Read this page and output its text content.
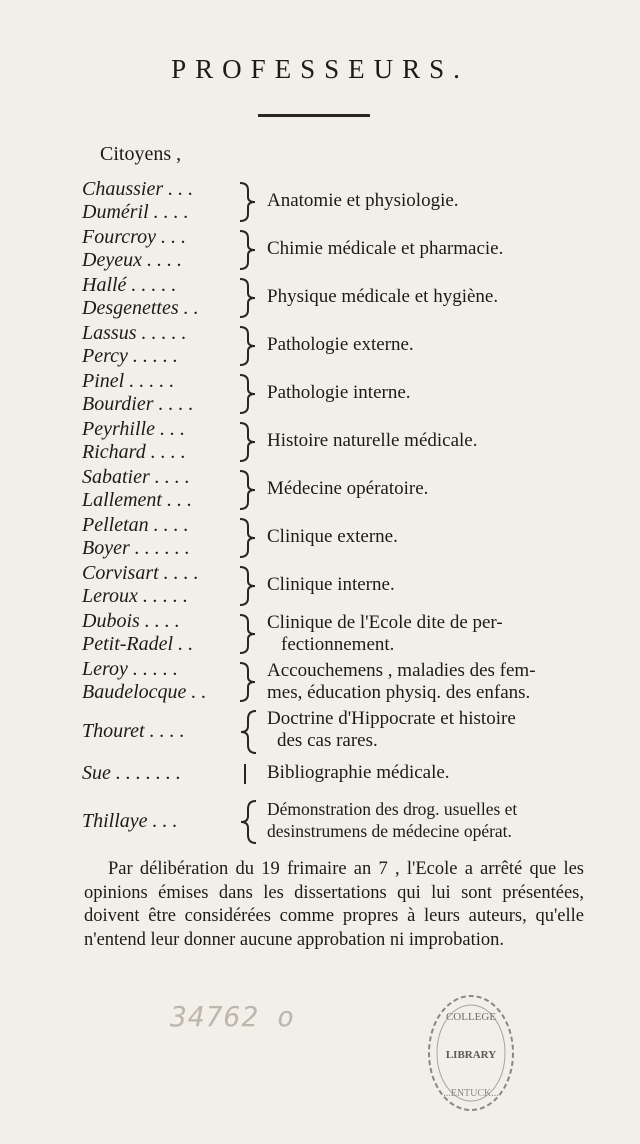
PROFESSEURS.
Citoyens ,
Chaussier . . .
Duméril . . . .
Anatomie et physiologie.
Fourcroy . . .
Deyeux . . . .
Chimie médicale et pharmacie.
Hallé . . . . .
Desgenettes . .
Physique médicale et hygiène.
Lassus . . . . .
Percy . . . . .
Pathologie externe.
Pinel . . . . .
Bourdier . . . .
Pathologie interne.
Peyrhille . . .
Richard . . . .
Histoire naturelle médicale.
Sabatier . . . .
Lallement . . .
Médecine opératoire.
Pelletan . . . .
Boyer . . . . . .
Clinique externe.
Corvisart . . . .
Leroux . . . . .
Clinique interne.
Dubois . . . .
Petit-Radel . .
Clinique de l'Ecole dite de per-
fectionnement.
Leroy . . . . .
Baudelocque . .
Accouchemens , maladies des fem-
mes, éducation physiq. des enfans.
Thouret . . . .
Doctrine d'Hippocrate et histoire
des cas rares.
Sue . . . . . . .	Bibliographie médicale.
Thillaye . . .
Démonstration des drog. usuelles et
desinstrumens de médecine opérat.
Par délibération du 19 frimaire an 7 , l'Ecole a arrêté que les opinions émises dans les dissertations qui lui sont présentées, doivent être considérées comme propres à leurs auteurs, qu'elle n'entend leur donner aucune approbation ni improbation.
34762 o	COLLEGE
LIBRARY
...ENTUCK...
